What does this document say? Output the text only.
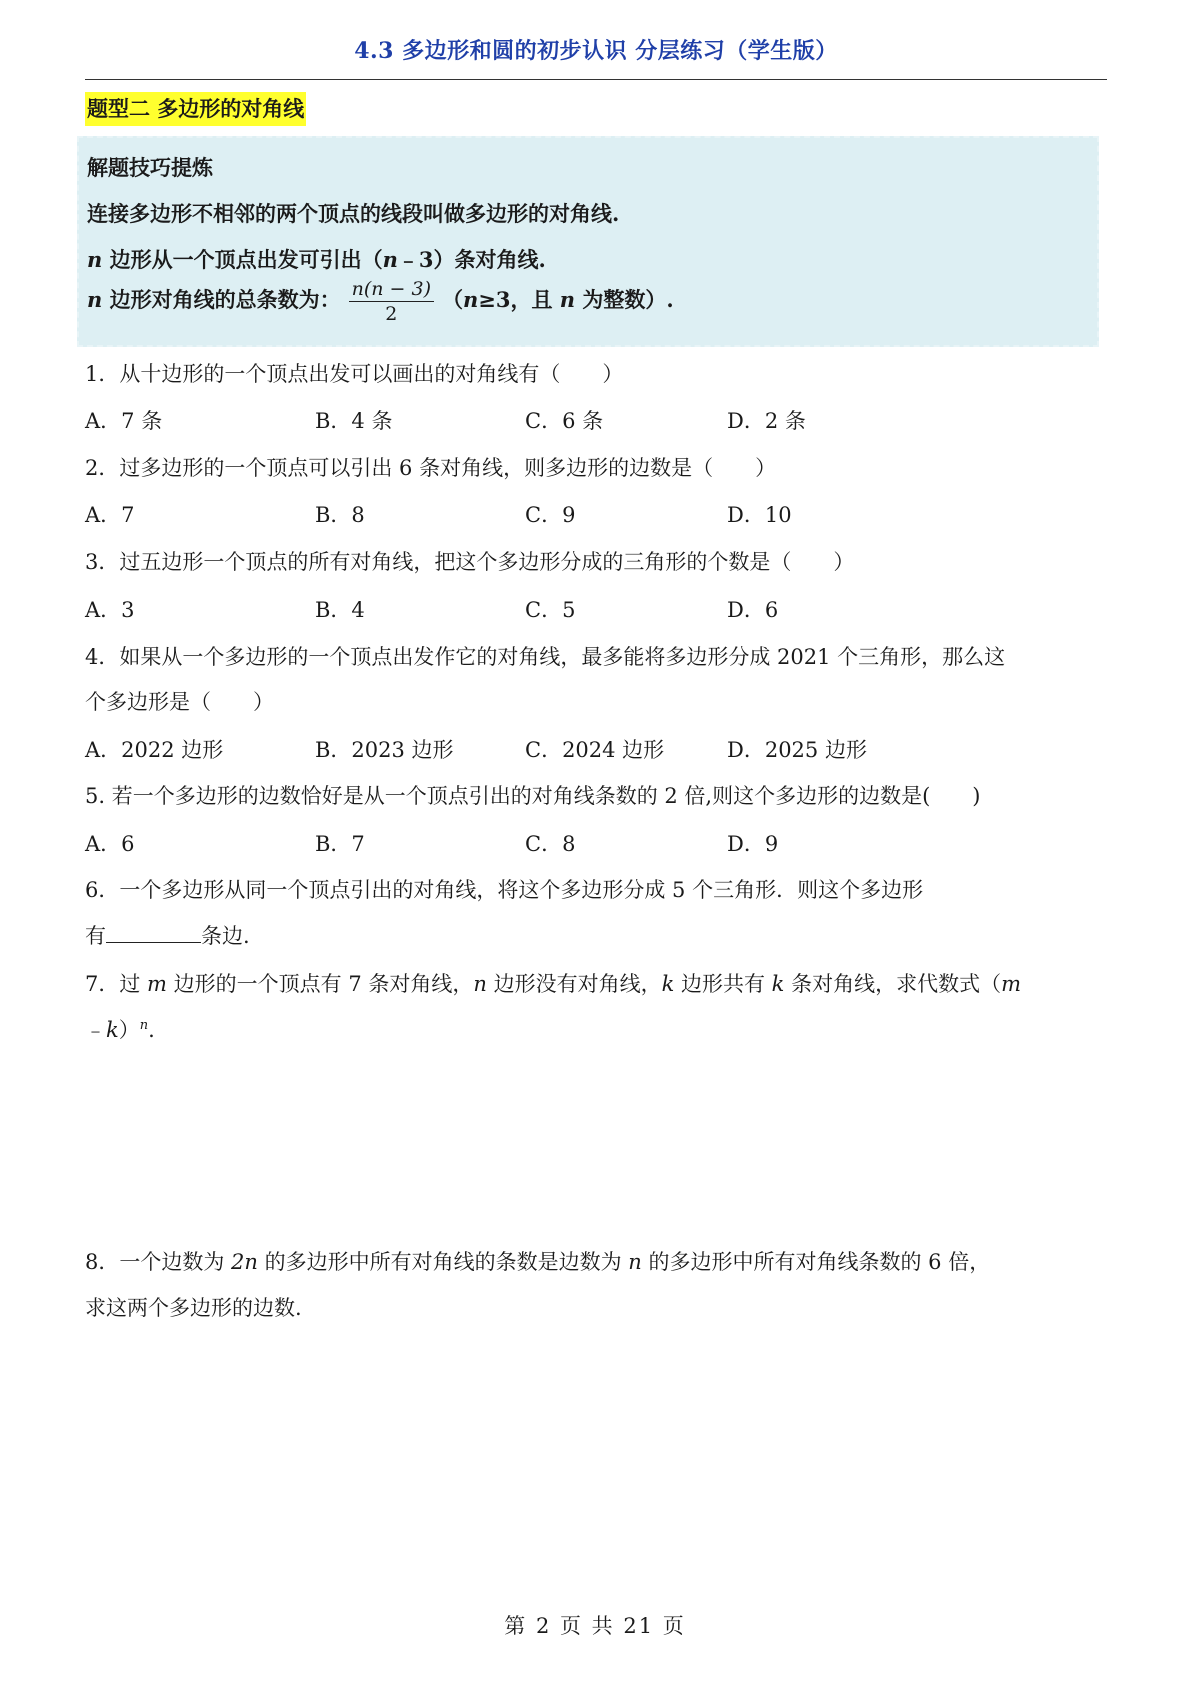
4.3 多边形和圆的初步认识 分层练习（学生版）
题型二 多边形的对角线
解题技巧提炼
连接多边形不相邻的两个顶点的线段叫做多边形的对角线.
n 边形从一个顶点出发可引出（n﹣3）条对角线.
n 边形对角线的总条数为： $\frac{n(n - 3)}{2} (n\ge 3$，且 n 为整数）.
1．从十边形的一个顶点出发可以画出的对角线有（　　）
A．7 条	B．4 条	C．6 条	D．2 条
2．过多边形的一个顶点可以引出 6 条对角线，则多边形的边数是（　　）
A．7	B．8	C．9	D．10
3．过五边形一个顶点的所有对角线，把这个多边形分成的三角形的个数是（　　）
A．3	B．4	C．5	D．6
4．如果从一个多边形的一个顶点出发作它的对角线，最多能将多边形分成 2021 个三角形，那么这
个多边形是（　　）
A．2022 边形	B．2023 边形	C．2024 边形	D．2025 边形
5. 若一个多边形的边数恰好是从一个顶点引出的对角线条数的 2 倍,则这个多边形的边数是(　　)
A．6	B．7	C．8	D．9
6．一个多边形从同一个顶点引出的对角线，将这个多边形分成 5 个三角形．则这个多边形
有	条边.
7．过 m 边形的一个顶点有 7 条对角线，n 边形没有对角线，k 边形共有 k 条对角线，求代数式（m
﹣k）$^n$.
8．一个边数为 2n 的多边形中所有对角线的条数是边数为 n 的多边形中所有对角线条数的 6 倍，
求这两个多边形的边数.
第 2 页 共 21 页
